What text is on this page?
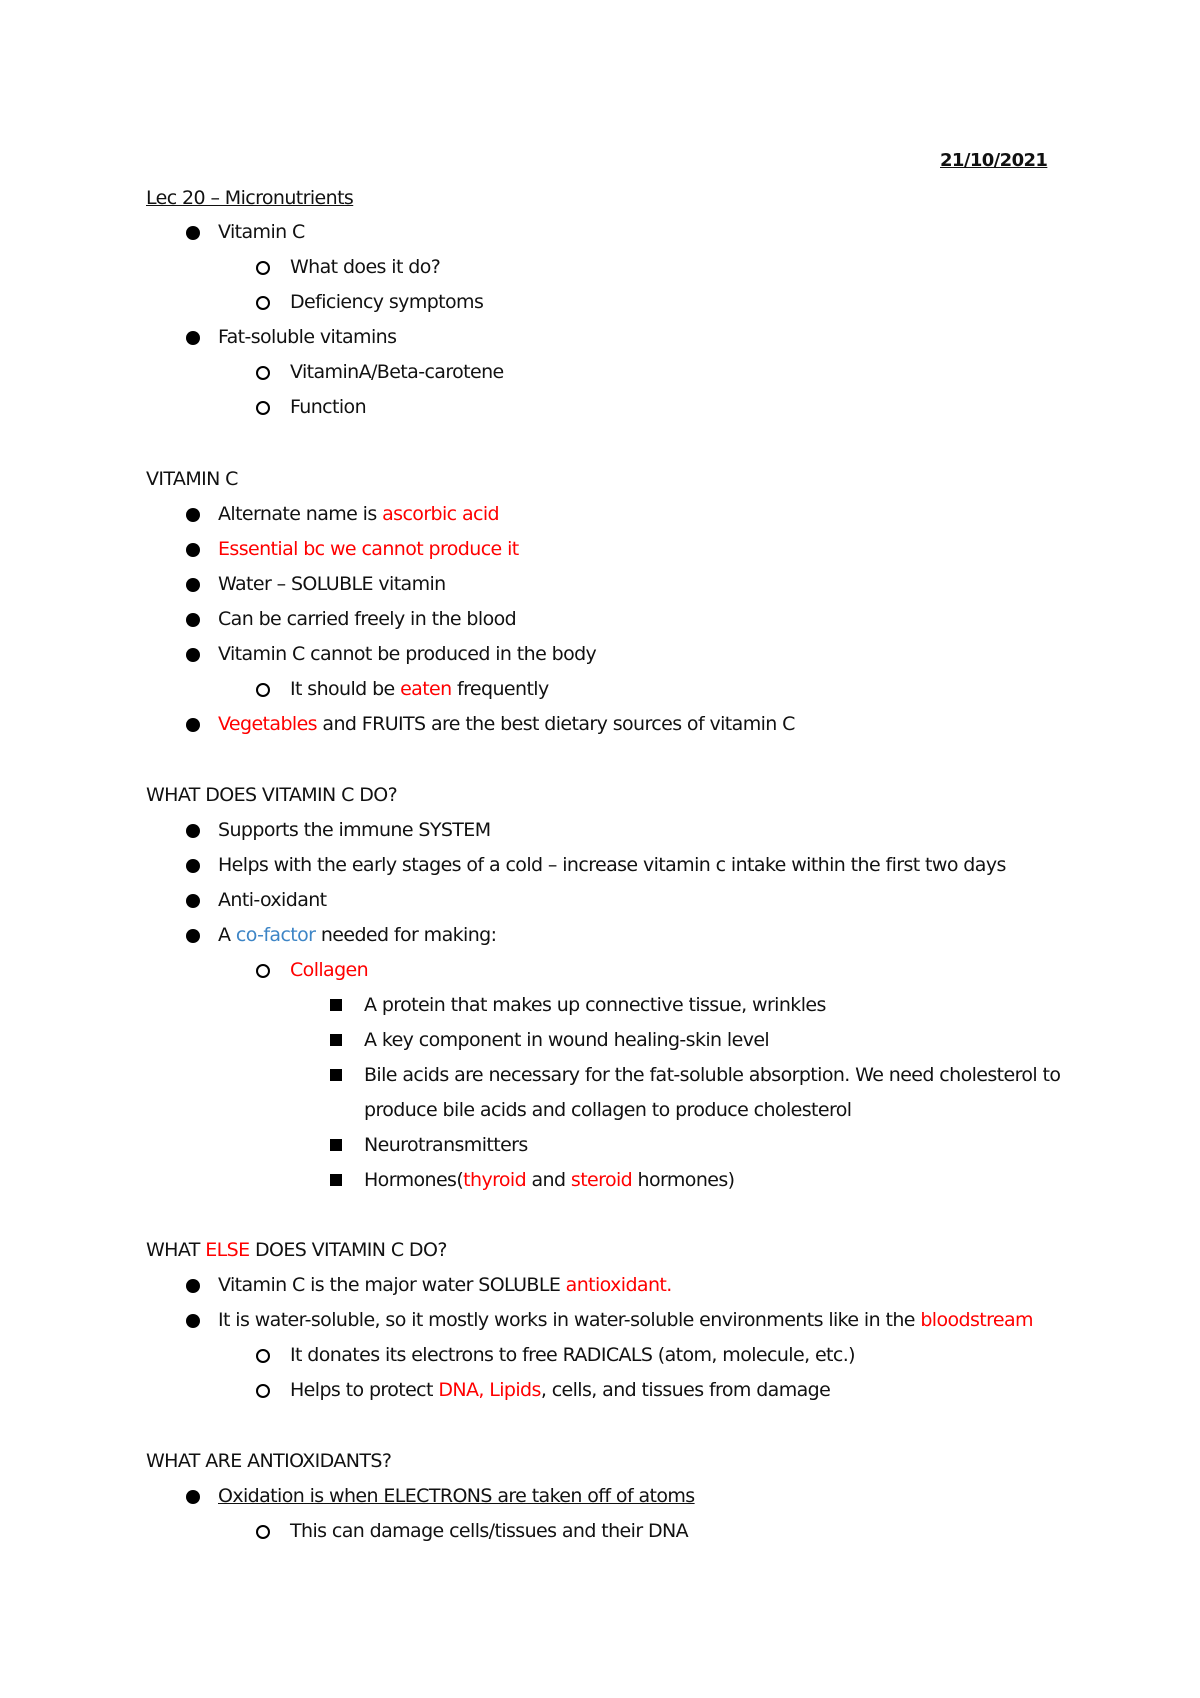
21/10/2021
Lec 20 – Micronutrients
Vitamin C
What does it do?
Deficiency symptoms
Fat-soluble vitamins
VitaminA/Beta-carotene
Function
VITAMIN C
Alternate name is ascorbic acid
Essential bc we cannot produce it
Water – SOLUBLE vitamin
Can be carried freely in the blood
Vitamin C cannot be produced in the body
It should be eaten frequently
Vegetables and FRUITS are the best dietary sources of vitamin C
WHAT DOES VITAMIN C DO?
Supports the immune SYSTEM
Helps with the early stages of a cold – increase vitamin c intake within the first two days
Anti-oxidant
A co-factor needed for making:
Collagen
A protein that makes up connective tissue, wrinkles
A key component in wound healing-skin level
Bile acids are necessary for the fat-soluble absorption. We need cholesterol to
produce bile acids and collagen to produce cholesterol
Neurotransmitters
Hormones(thyroid and steroid hormones)
WHAT ELSE DOES VITAMIN C DO?
Vitamin C is the major water SOLUBLE antioxidant.
It is water-soluble, so it mostly works in water-soluble environments like in the bloodstream
It donates its electrons to free RADICALS (atom, molecule, etc.)
Helps to protect DNA, Lipids, cells, and tissues from damage
WHAT ARE ANTIOXIDANTS?
Oxidation is when ELECTRONS are taken off of atoms
This can damage cells/tissues and their DNA
